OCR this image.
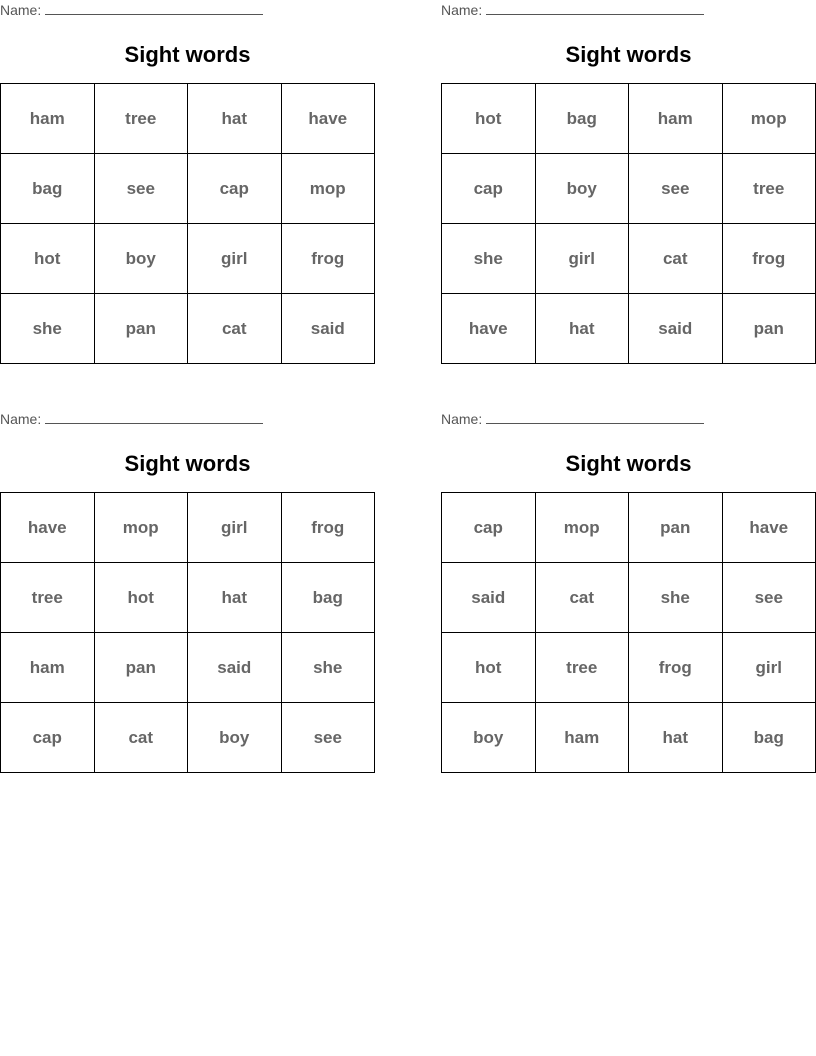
Name:
Sight words
ham	tree	hat	have
bag	see	cap	mop
hot	boy	girl	frog
she	pan	cat	said
Name:
Sight words
hot	bag	ham	mop
cap	boy	see	tree
she	girl	cat	frog
have	hat	said	pan
Name:
Sight words
have	mop	girl	frog
tree	hot	hat	bag
ham	pan	said	she
cap	cat	boy	see
Name:
Sight words
cap	mop	pan	have
said	cat	she	see
hot	tree	frog	girl
boy	ham	hat	bag
